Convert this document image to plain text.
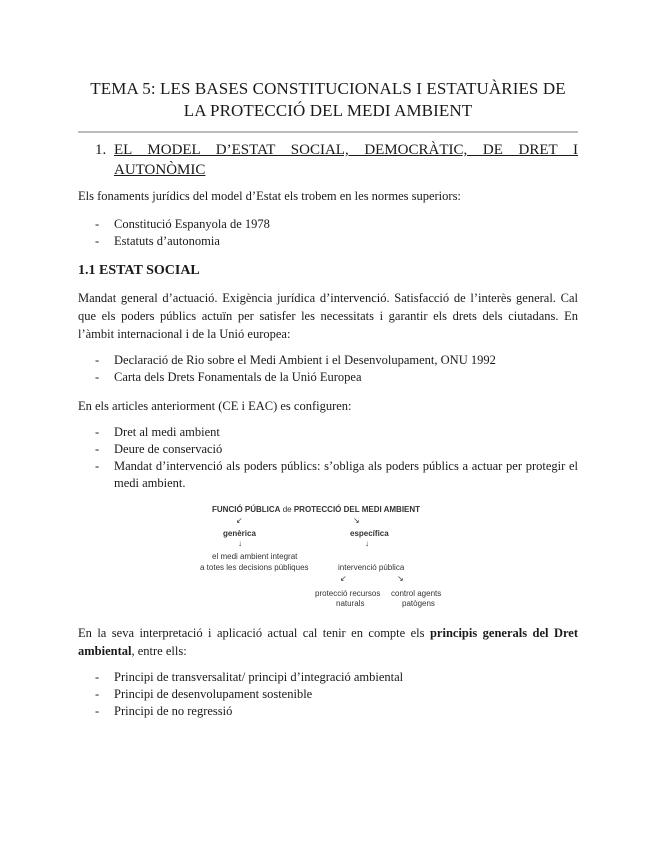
TEMA 5: LES BASES CONSTITUCIONALS I ESTATUÀRIES DE
LA PROTECCIÓ DEL MEDI AMBIENT
1. EL MODEL D’ESTAT SOCIAL, DEMOCRÀTIC, DE DRET I AUTONÒMIC
Els fonaments jurídics del model d’Estat els trobem en les normes superiors:
- Constitució Espanyola de 1978
- Estatuts d’autonomia
1.1 ESTAT SOCIAL
Mandat general d’actuació. Exigència jurídica d’intervenció. Satisfacció de l’interès general. Cal que els poders públics actuïn per satisfer les necessitats i garantir els drets dels ciutadans. En l’àmbit internacional i de la Unió europea:
- Declaració de Rio sobre el Medi Ambient i el Desenvolupament, ONU 1992
- Carta dels Drets Fonamentals de la Unió Europea
En els articles anteriorment (CE i EAC) es configuren:
- Dret al medi ambient
- Deure de conservació
- Mandat d’intervenció als poders públics: s’obliga als poders públics a actuar per protegir el medi ambient.
En la seva interpretació i aplicació actual cal tenir en compte els principis generals del Dret ambiental, entre ells:
- Principi de transversalitat/ principi d’integració ambiental
- Principi de desenvolupament sostenible
- Principi de no regressió
FUNCIÓ PÚBLICA de PROTECCIÓ DEL MEDI AMBIENT
↙	↘
genèrica	específica
↓	↓
el medi ambient integrat
intervenció pública
a totes les decisions públiques
↙	↘
protecció recursos
naturals
control agents
patògens
